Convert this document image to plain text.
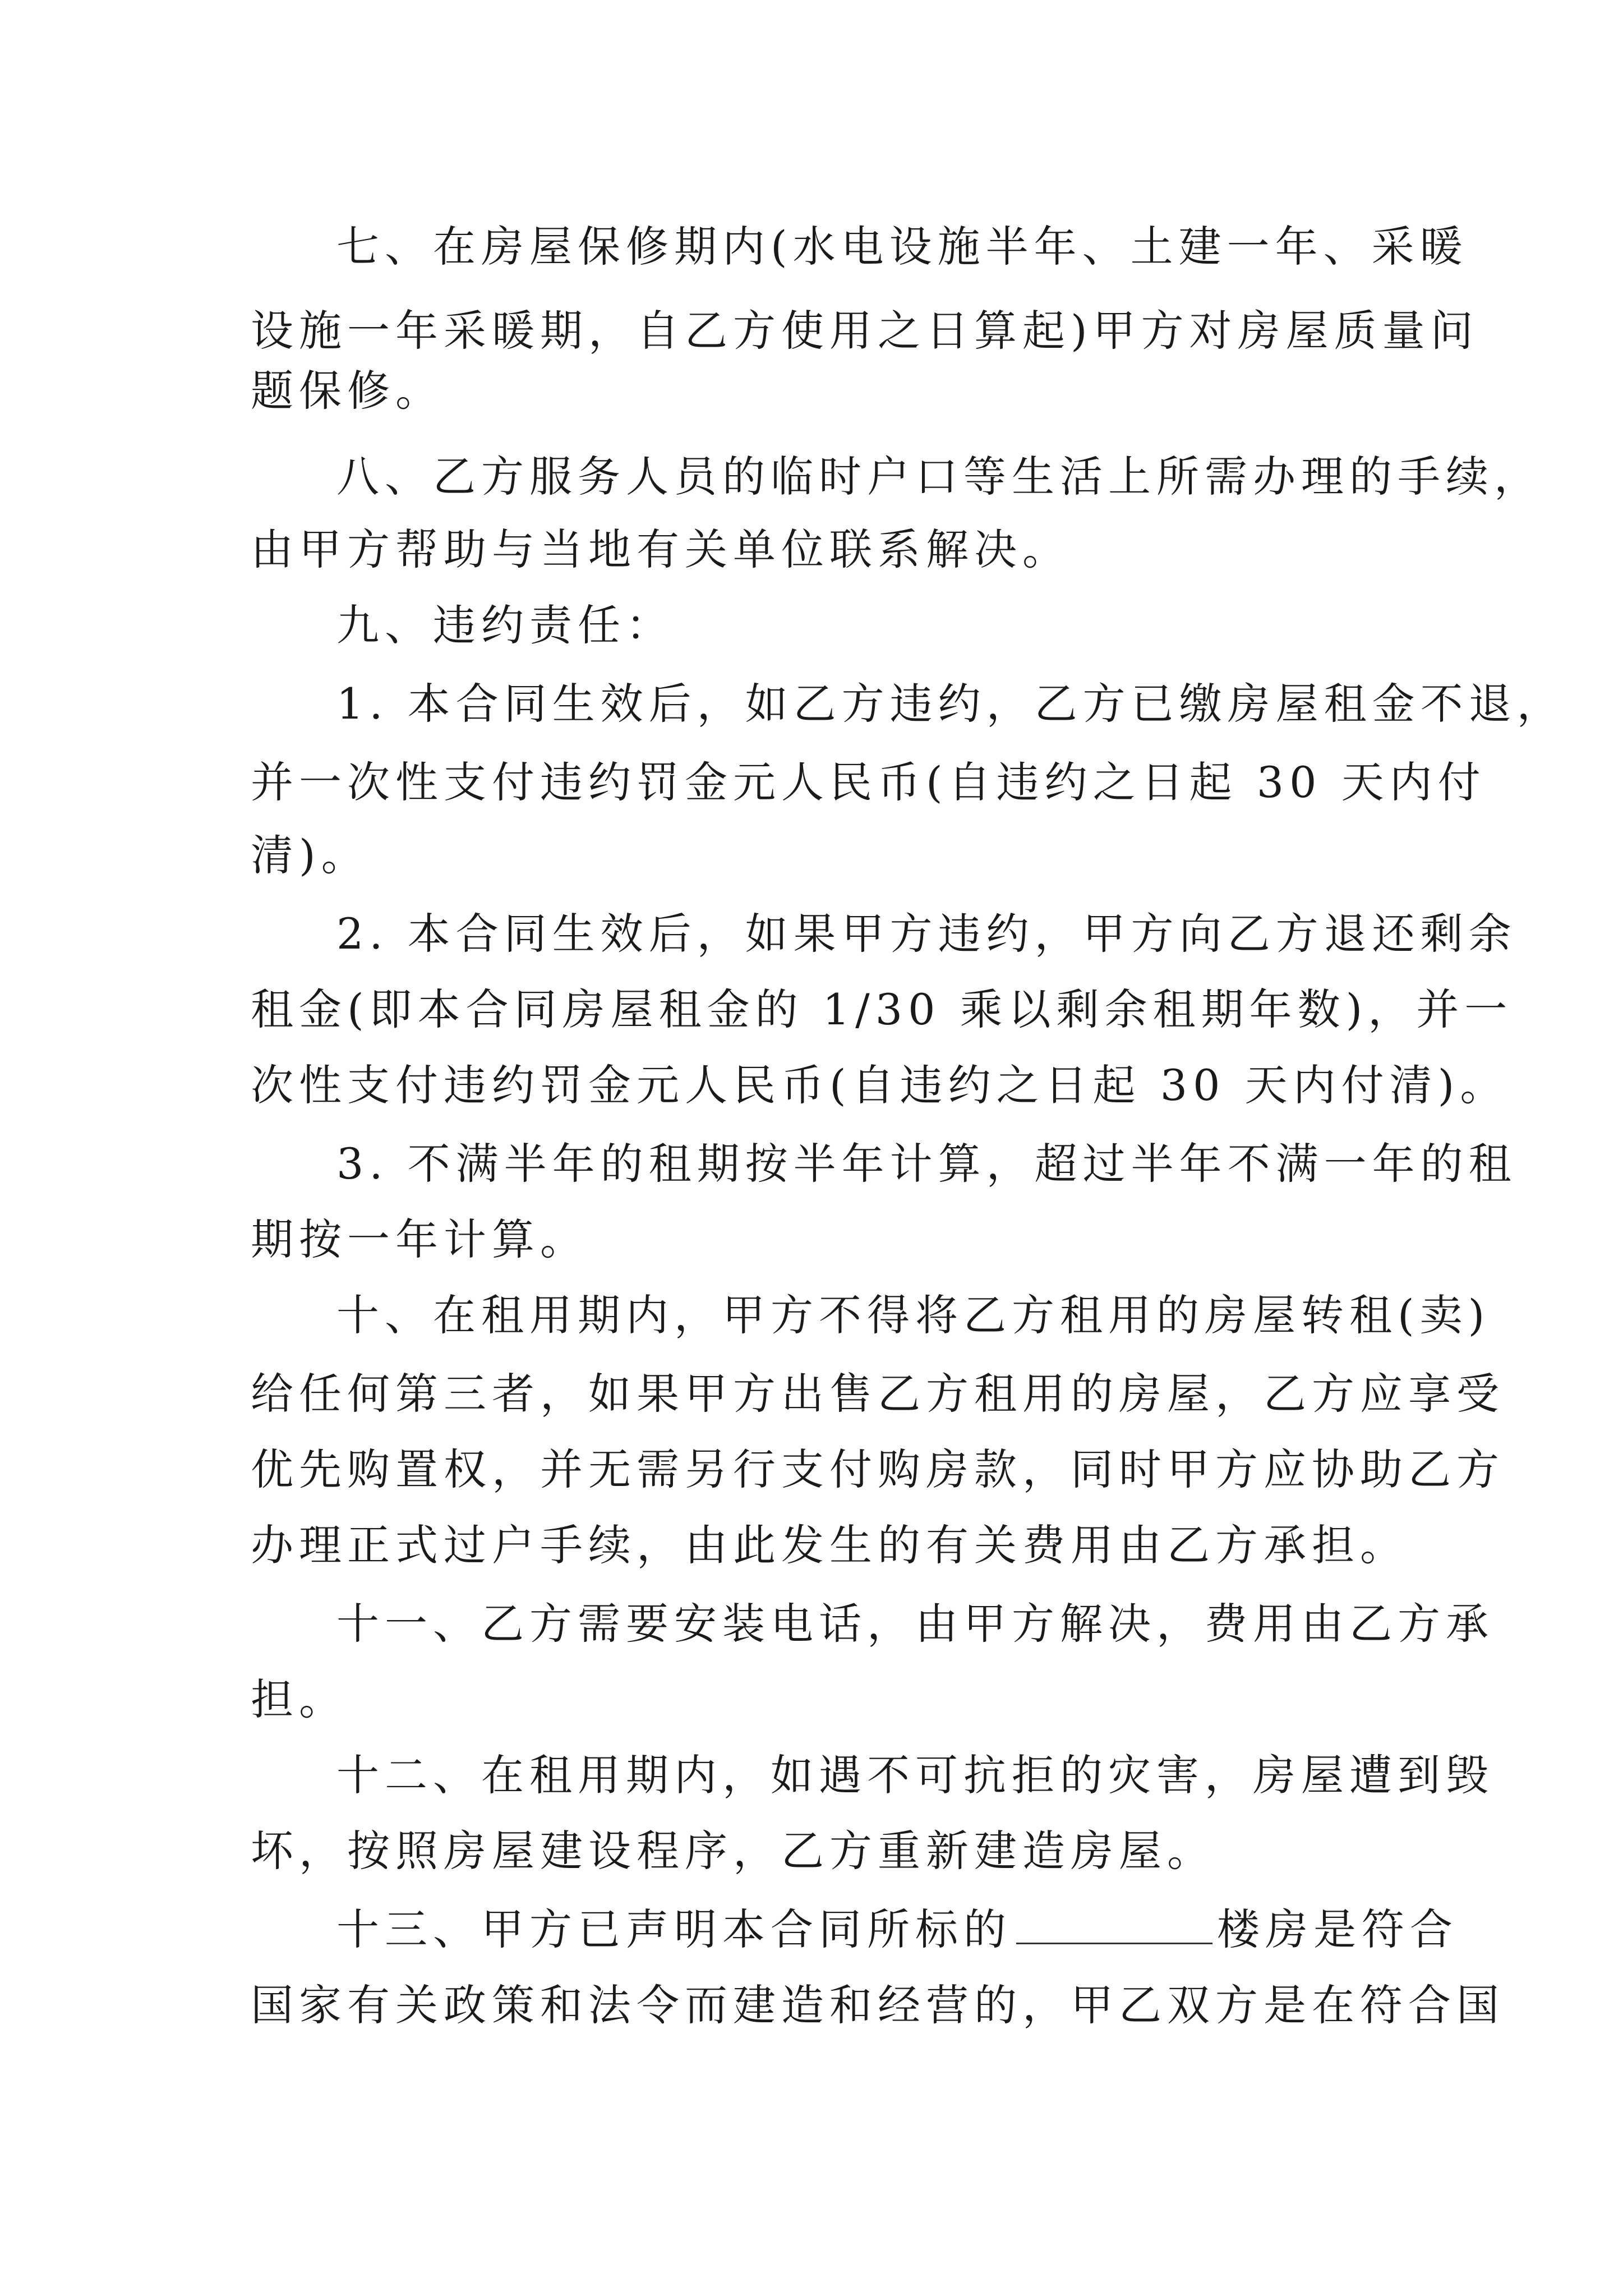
七、在房屋保修期内(水电设施半年、土建一年、采暖
设施一年采暖期，自乙方使用之日算起)甲方对房屋质量问
题保修。
八、乙方服务人员的临时户口等生活上所需办理的手续，
由甲方帮助与当地有关单位联系解决。
九、违约责任：
1. 本合同生效后，如乙方违约，乙方已缴房屋租金不退，
并一次性支付违约罚金元人民币(自违约之日起 30 天内付
清)。
2. 本合同生效后，如果甲方违约，甲方向乙方退还剩余
租金(即本合同房屋租金的 1/30 乘以剩余租期年数)，并一
次性支付违约罚金元人民币(自违约之日起 30 天内付清)。
3. 不满半年的租期按半年计算，超过半年不满一年的租
期按一年计算。
十、在租用期内，甲方不得将乙方租用的房屋转租(卖)
给任何第三者，如果甲方出售乙方租用的房屋，乙方应享受
优先购置权，并无需另行支付购房款，同时甲方应协助乙方
办理正式过户手续，由此发生的有关费用由乙方承担。
十一、乙方需要安装电话，由甲方解决，费用由乙方承
担。
十二、在租用期内，如遇不可抗拒的灾害，房屋遭到毁
坏，按照房屋建设程序，乙方重新建造房屋。
十三、甲方已声明本合同所标的	楼房是符合
国家有关政策和法令而建造和经营的，甲乙双方是在符合国
